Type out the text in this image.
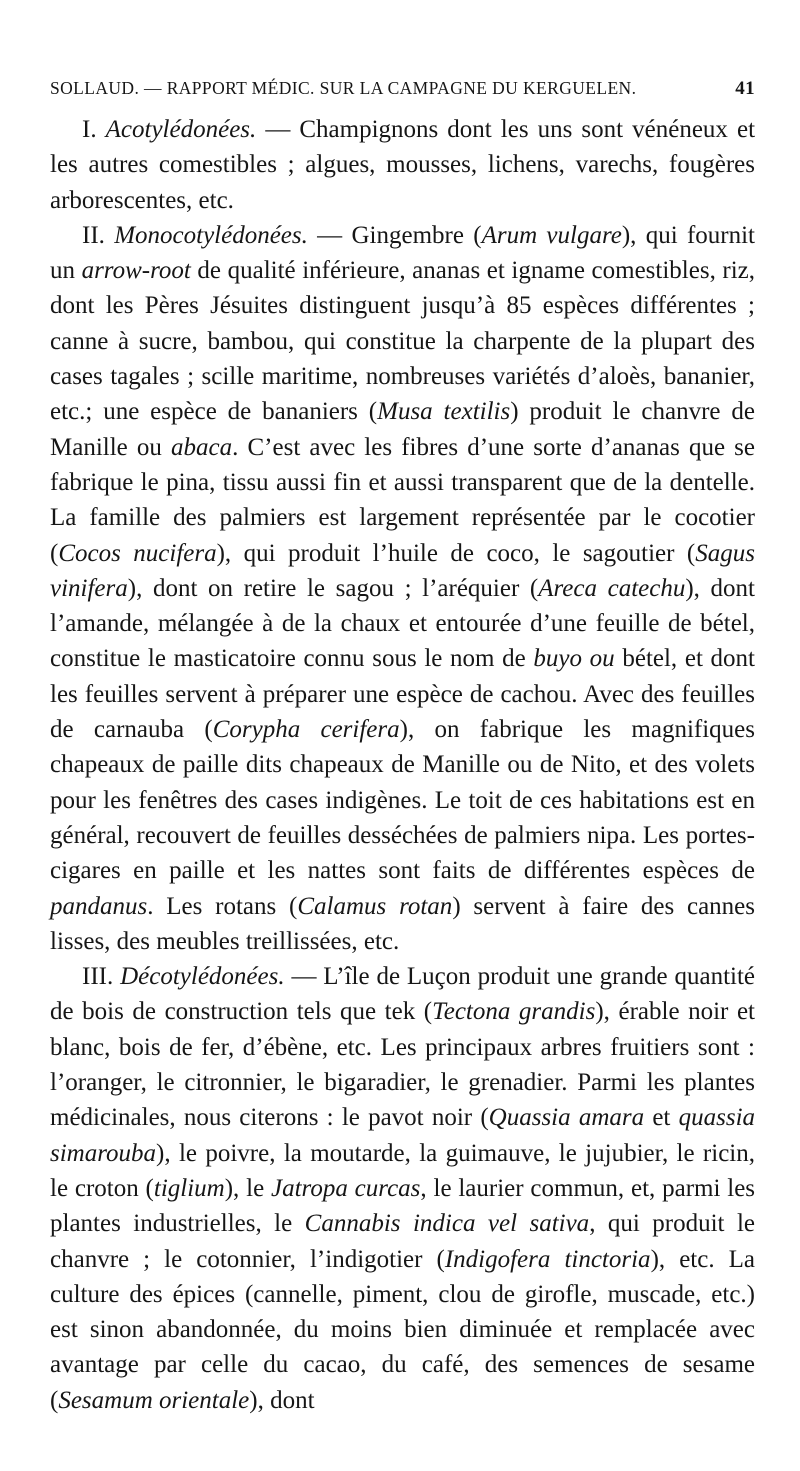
SOLLAUD. — RAPPORT MÉDIC. SUR LA CAMPAGNE DU KERGUELEN.	41

I. Acotylédonées. — Champignons dont les uns sont vénéneux et les autres comestibles ; algues, mousses, lichens, varechs, fougères arborescentes, etc.

II. Monocotylédonées. — Gingembre (Arum vulgare), qui fournit un arrow-root de qualité inférieure, ananas et igname comestibles, riz, dont les Pères Jésuites distinguent jusqu’à 85 espèces différentes ; canne à sucre, bambou, qui constitue la charpente de la plupart des cases tagales ; scille maritime, nombreuses variétés d’aloès, bananier, etc.; une espèce de bananiers (Musa textilis) produit le chanvre de Manille ou abaca. C’est avec les fibres d’une sorte d’ananas que se fabrique le pina, tissu aussi fin et aussi transparent que de la dentelle. La famille des palmiers est largement représentée par le cocotier (Cocos nucifera), qui produit l’huile de coco, le sagoutier (Sagus vinifera), dont on retire le sagou ; l’aréquier (Areca catechu), dont l’amande, mélangée à de la chaux et entourée d’une feuille de bétel, constitue le masticatoire connu sous le nom de buyo ou bétel, et dont les feuilles servent à préparer une espèce de cachou. Avec des feuilles de carnauba (Corypha cerifera), on fabrique les magnifiques chapeaux de paille dits chapeaux de Manille ou de Nito, et des volets pour les fenêtres des cases indigènes. Le toit de ces habitations est en général, recouvert de feuilles desséchées de palmiers nipa. Les portes-cigares en paille et les nattes sont faits de différentes espèces de pandanus. Les rotans (Calamus rotan) servent à faire des cannes lisses, des meubles treillissées, etc.

III. Décotylédonées. — L’île de Luçon produit une grande quantité de bois de construction tels que tek (Tectona grandis), érable noir et blanc, bois de fer, d’ébène, etc. Les principaux arbres fruitiers sont : l’oranger, le citronnier, le bigaradier, le grenadier. Parmi les plantes médicinales, nous citerons : le pavot noir (Quassia amara et quassia simarouba), le poivre, la moutarde, la guimauve, le jujubier, le ricin, le croton (tiglium), le Jatropa curcas, le laurier commun, et, parmi les plantes industrielles, le Cannabis indica vel sativa, qui produit le chanvre ; le cotonnier, l’indigotier (Indigofera tinctoria), etc. La culture des épices (cannelle, piment, clou de girofle, muscade, etc.) est sinon abandonnée, du moins bien diminuée et remplacée avec avantage par celle du cacao, du café, des semences de sesame (Sesamum orientale), dont
